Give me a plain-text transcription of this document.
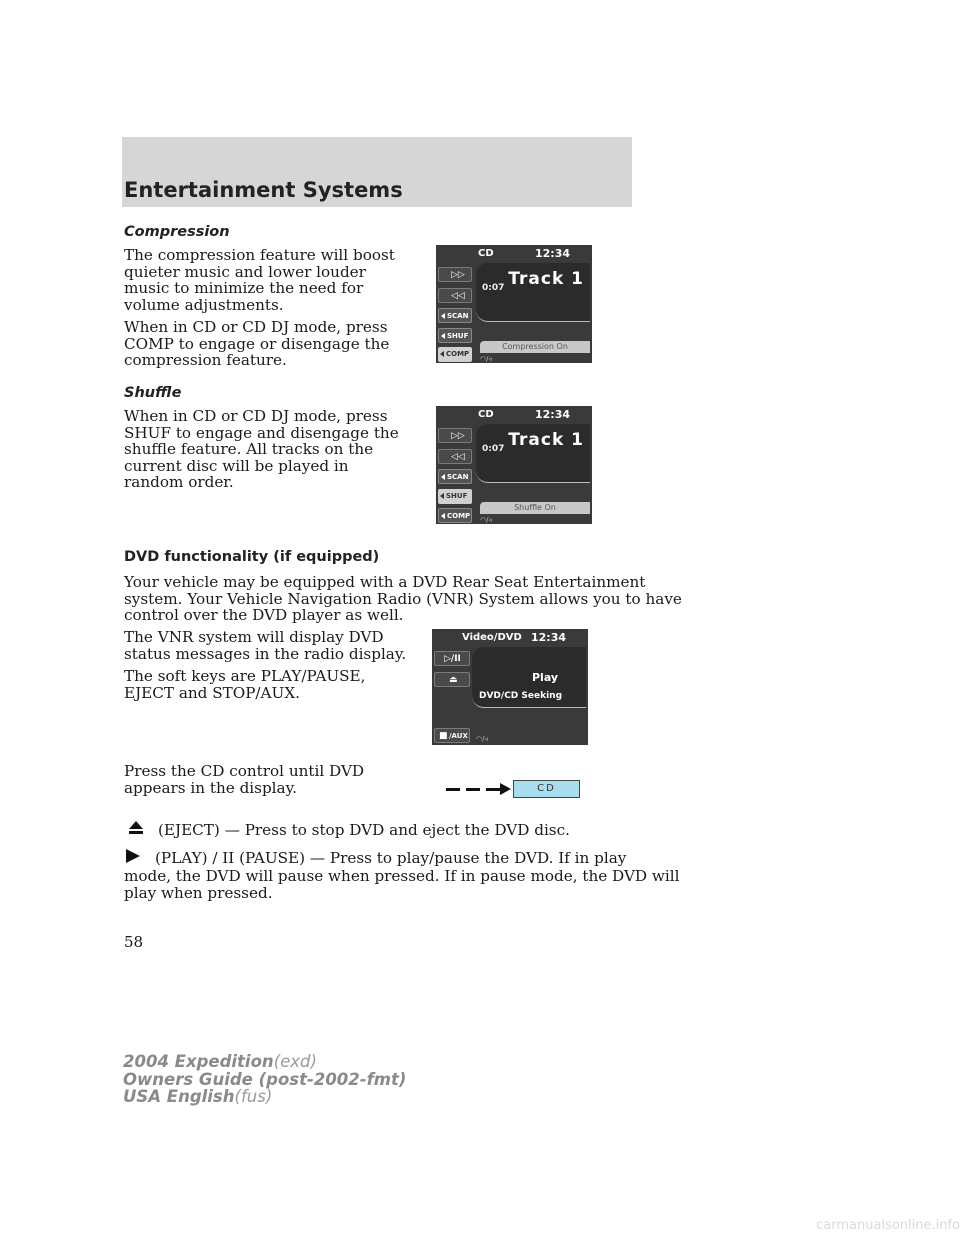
Entertainment Systems
Compression
The compression feature will boost
quieter music and lower louder
music to minimize the need for
volume adjustments.
When in CD or CD DJ mode, press
COMP to engage or disengage the
compression feature.
CD	12:34
▷▷
◁◁
SCAN
SHUF
COMP
0:07 Track 1
Compression On
◠/◃
Shuffle
When in CD or CD DJ mode, press
SHUF to engage and disengage the
shuffle feature. All tracks on the
current disc will be played in
random order.
CD	12:34
▷▷
◁◁
SCAN
SHUF
COMP
0:07 Track 1
Shuffle On
◠/◃
DVD functionality (if equipped)
Your vehicle may be equipped with a DVD Rear Seat Entertainment
system. Your Vehicle Navigation Radio (VNR) System allows you to have
control over the DVD player as well.
The VNR system will display DVD
status messages in the radio display.
The soft keys are PLAY/PAUSE,
EJECT and STOP/AUX.
Video/DVD 12:34
▷/II
⏏
■ /AUX
Play
DVD/CD Seeking
◠/◃
Press the CD control until DVD
appears in the display.	CD
(EJECT) — Press to stop DVD and eject the DVD disc.
(PLAY) / II (PAUSE) — Press to play/pause the DVD. If in play
mode, the DVD will pause when pressed. If in pause mode, the DVD will
play when pressed.

58

2004 Expedition(exd)
Owners Guide (post-2002-fmt)
USA English(fus)
carmanualsonline.info
